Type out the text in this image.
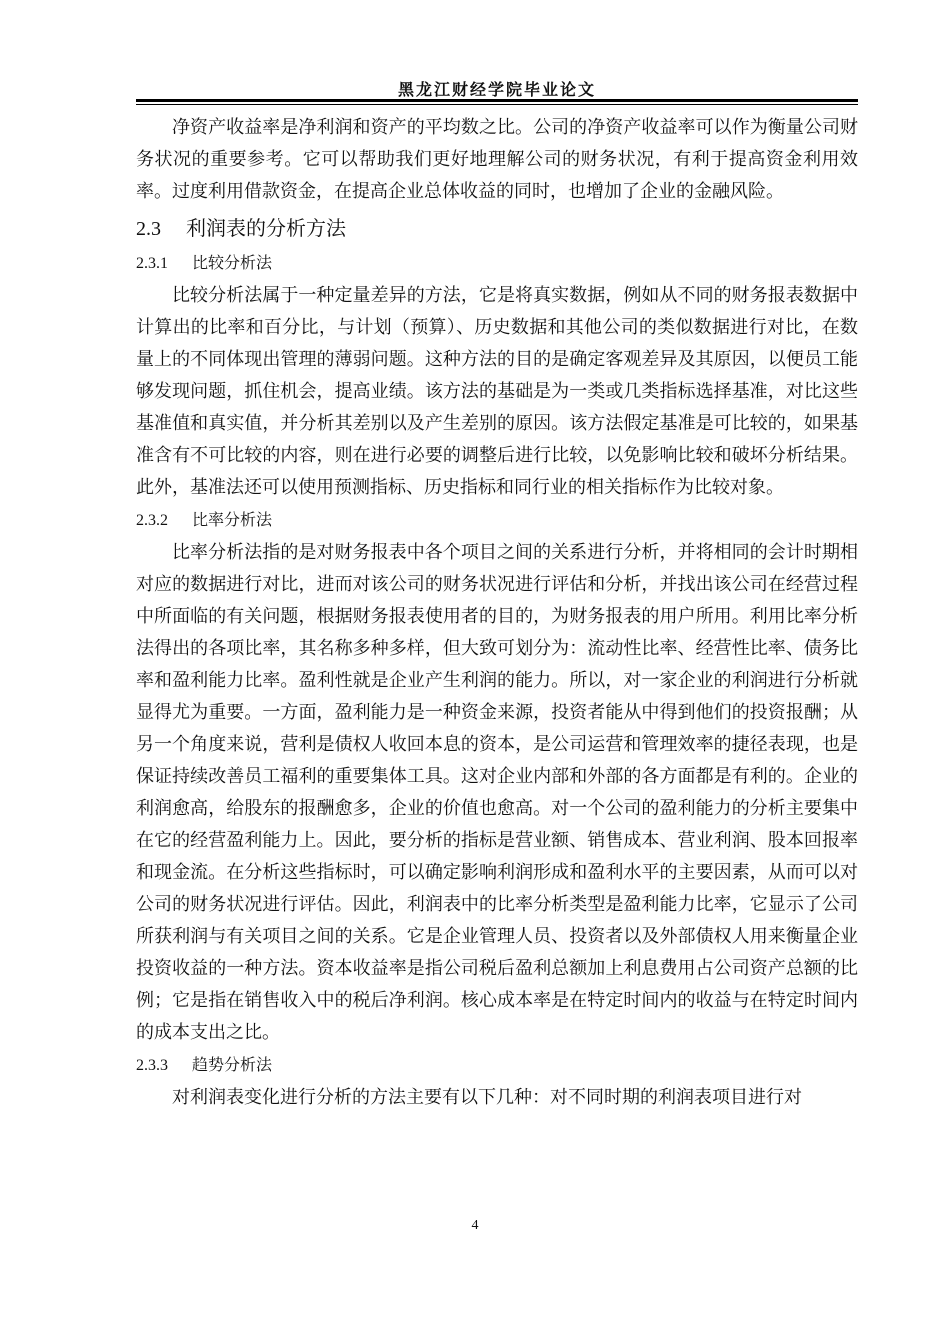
黑龙江财经学院毕业论文

净资产收益率是净利润和资产的平均数之比。公司的净资产收益率可以作为衡量公司财务状况的重要参考。它可以帮助我们更好地理解公司的财务状况，有利于提高资金利用效率。过度利用借款资金，在提高企业总体收益的同时，也增加了企业的金融风险。

2.3 利润表的分析方法
2.3.1 比较分析法

比较分析法属于一种定量差异的方法，它是将真实数据，例如从不同的财务报表数据中计算出的比率和百分比，与计划（预算）、历史数据和其他公司的类似数据进行对比，在数量上的不同体现出管理的薄弱问题。这种方法的目的是确定客观差异及其原因，以便员工能够发现问题，抓住机会，提高业绩。该方法的基础是为一类或几类指标选择基准，对比这些基准值和真实值，并分析其差别以及产生差别的原因。该方法假定基准是可比较的，如果基准含有不可比较的内容，则在进行必要的调整后进行比较，以免影响比较和破坏分析结果。此外，基准法还可以使用预测指标、历史指标和同行业的相关指标作为比较对象。

2.3.2 比率分析法

比率分析法指的是对财务报表中各个项目之间的关系进行分析，并将相同的会计时期相对应的数据进行对比，进而对该公司的财务状况进行评估和分析，并找出该公司在经营过程中所面临的有关问题，根据财务报表使用者的目的，为财务报表的用户所用。利用比率分析法得出的各项比率，其名称多种多样，但大致可划分为：流动性比率、经营性比率、债务比率和盈利能力比率。盈利性就是企业产生利润的能力。所以，对一家企业的利润进行分析就显得尤为重要。一方面，盈利能力是一种资金来源，投资者能从中得到他们的投资报酬；从另一个角度来说，营利是债权人收回本息的资本，是公司运营和管理效率的捷径表现，也是保证持续改善员工福利的重要集体工具。这对企业内部和外部的各方面都是有利的。企业的利润愈高，给股东的报酬愈多，企业的价值也愈高。对一个公司的盈利能力的分析主要集中在它的经营盈利能力上。因此，要分析的指标是营业额、销售成本、营业利润、股本回报率和现金流。在分析这些指标时，可以确定影响利润形成和盈利水平的主要因素，从而可以对公司的财务状况进行评估。因此，利润表中的比率分析类型是盈利能力比率，它显示了公司所获利润与有关项目之间的关系。它是企业管理人员、投资者以及外部债权人用来衡量企业投资收益的一种方法。资本收益率是指公司税后盈利总额加上利息费用占公司资产总额的比例；它是指在销售收入中的税后净利润。核心成本率是在特定时间内的收益与在特定时间内的成本支出之比。

2.3.3 趋势分析法

对利润表变化进行分析的方法主要有以下几种：对不同时期的利润表项目进行对

4
